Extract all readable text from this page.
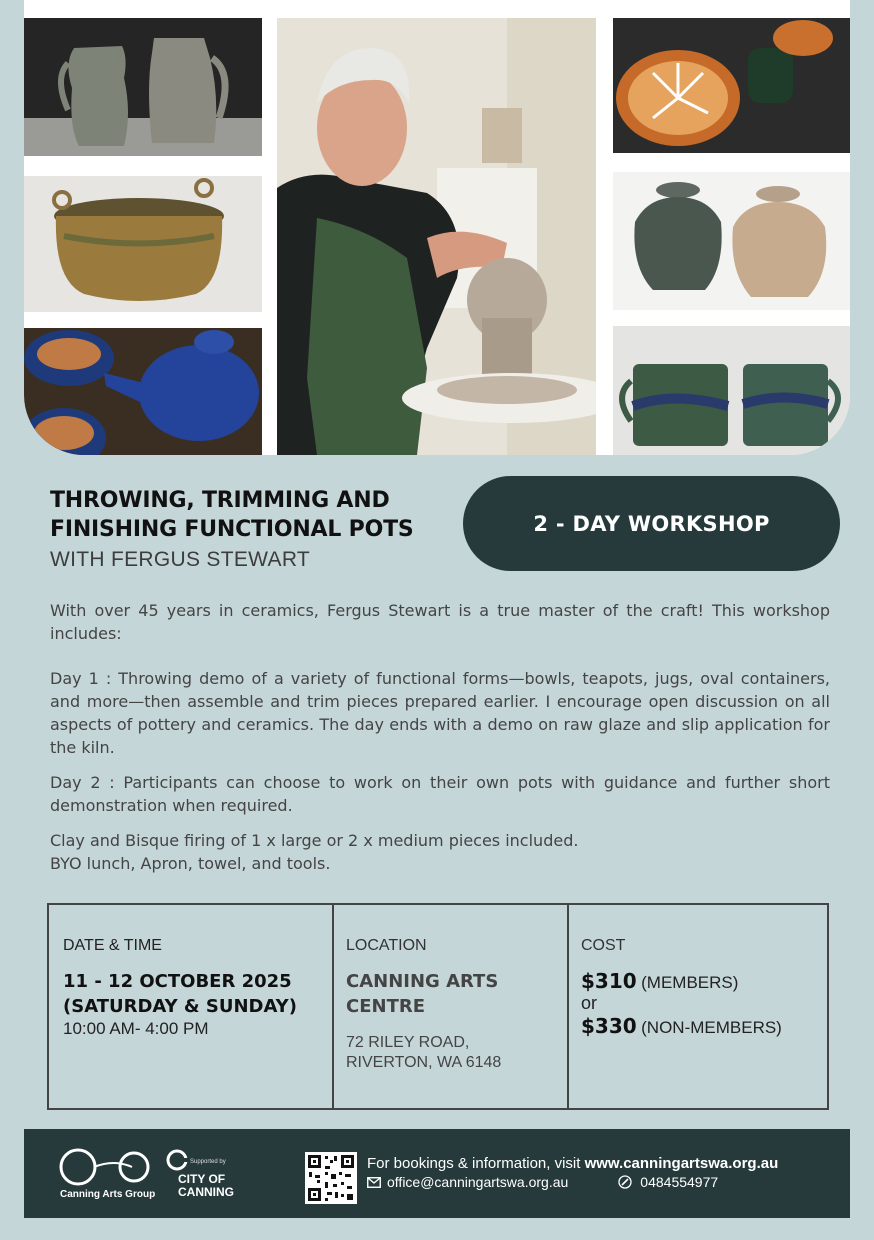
THROWING, TRIMMING AND
FINISHING FUNCTIONAL POTS
WITH FERGUS STEWART
2 - DAY WORKSHOP

With over 45 years in ceramics, Fergus Stewart is a true master of the craft! This workshop includes:

Day 1 : Throwing demo of a variety of functional forms—bowls, teapots, jugs, oval containers, and more—then assemble and trim pieces prepared earlier. I encourage open discussion on all aspects of pottery and ceramics. The day ends with a demo on raw glaze and slip application for the kiln.

Day 2 : Participants can choose to work on their own pots with guidance and further short demonstration when required.

Clay and Bisque firing of 1 x large or 2 x medium pieces included.
BYO lunch, Apron, towel, and tools.

DATE & TIME
11 - 12 OCTOBER 2025
(SATURDAY & SUNDAY)
10:00 AM- 4:00 PM
LOCATION
CANNING ARTS
CENTRE
72 RILEY ROAD,
RIVERTON, WA 6148
COST
$310 (MEMBERS)
or
$330 (NON-MEMBERS)
Canning Arts Group
Supported by
CITY OF
CANNING
For bookings & information, visit www.canningartswa.org.au
office@canningartswa.org.au	0484554977
